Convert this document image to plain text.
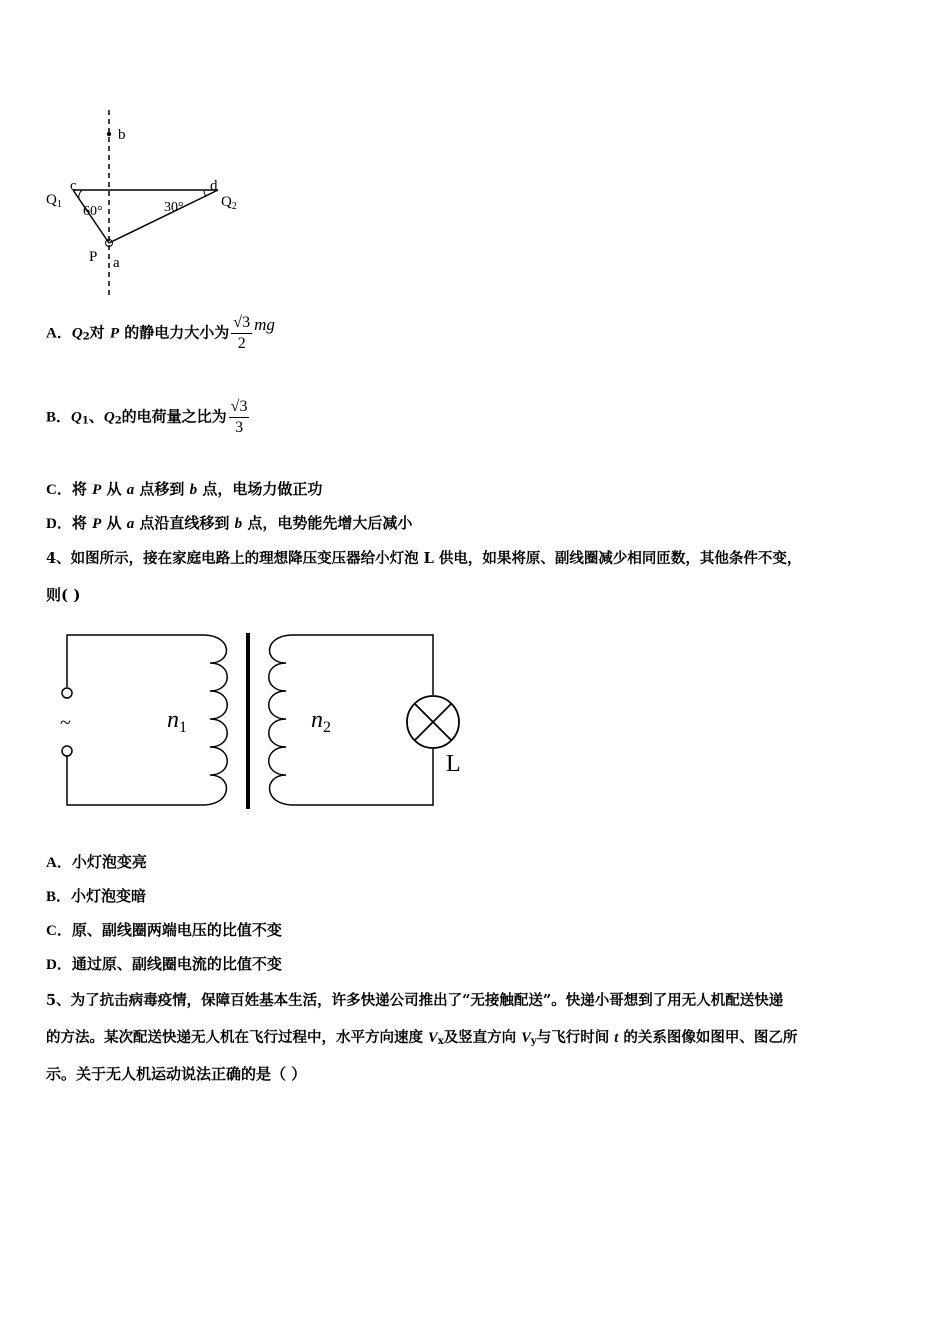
b
c	d
$Q_1$	$Q_2$
60°	30°
P a
A．$Q_2$对 P 的静电力大小为 $\frac{√3}{2}$ mg
B．$Q_1$、$Q_2$的电荷量之比为 $\frac{√3}{3}$
C．将 P 从 a 点移到 b 点，电场力做正功
D．将 P 从 a 点沿直线移到 b 点，电势能先增大后减小
4、如图所示，接在家庭电路上的理想降压变压器给小灯泡 L 供电，如果将原、副线圈减少相同匝数，其他条件不变，
则( )
~
L
$n_1$	$n_2$
A．小灯泡变亮
B．小灯泡变暗
C．原、副线圈两端电压的比值不变
D．通过原、副线圈电流的比值不变
5、为了抗击病毒疫情，保障百姓基本生活，许多快递公司推出了“无接触配送”。快递小哥想到了用无人机配送快递
的方法。某次配送快递无人机在飞行过程中，水平方向速度 $V_x$及竖直方向 $V_y$与飞行时间 t 的关系图像如图甲、图乙所
示。关于无人机运动说法正确的是（ ）
